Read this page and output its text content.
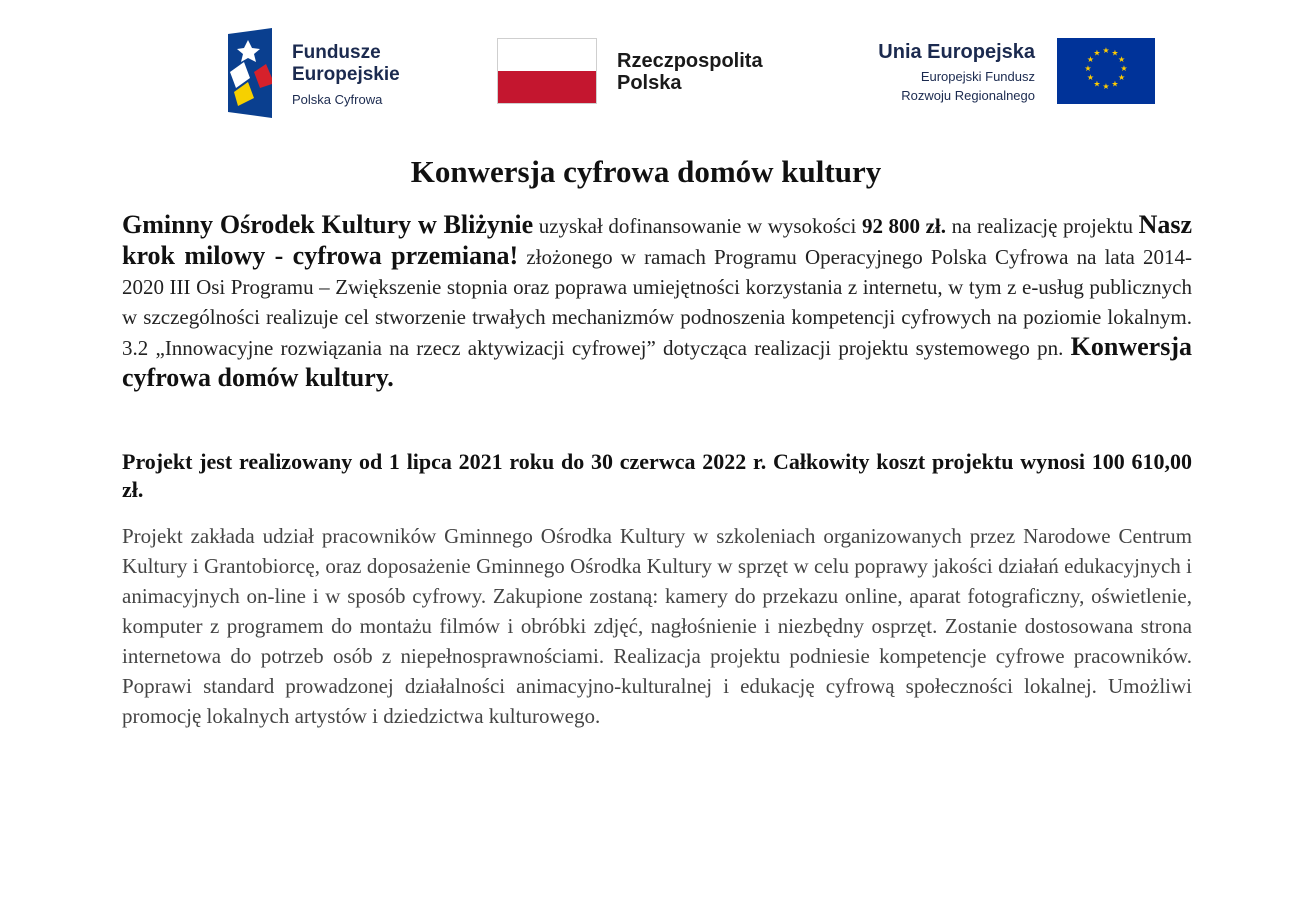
Fundusze
Europejskie
Polska Cyfrowa
Rzeczpospolita
Polska
Unia Europejska
Europejski Fundusz
Rozwoju Regionalnego
★ ★
★
★
★
★
★
★
★
★
★
★
Konwersja cyfrowa domów kultury
Gminny Ośrodek Kultury w Bliżynie uzyskał dofinansowanie w wysokości 92 800 zł. na realizację projektu Nasz krok milowy - cyfrowa przemiana! złożonego w ramach Programu Operacyjnego Polska Cyfrowa na lata 2014-2020 III Osi Programu – Zwiększenie stopnia oraz poprawa umiejętności korzystania z internetu, w tym z e-usług publicznych w szczególności realizuje cel stworzenie trwałych mechanizmów podnoszenia kompetencji cyfrowych na poziomie lokalnym. 3.2 „Innowacyjne rozwiązania na rzecz aktywizacji cyfrowej” dotycząca realizacji projektu systemowego pn. Konwersja cyfrowa domów kultury.
Projekt jest realizowany od 1 lipca 2021 roku do 30 czerwca 2022 r. Całkowity koszt projektu wynosi 100 610,00 zł.
Projekt zakłada udział pracowników Gminnego Ośrodka Kultury w szkoleniach organizowanych przez Narodowe Centrum Kultury i Grantobiorcę, oraz doposażenie Gminnego Ośrodka Kultury w sprzęt w celu poprawy jakości działań edukacyjnych i animacyjnych on-line i w sposób cyfrowy. Zakupione zostaną: kamery do przekazu online, aparat fotograficzny, oświetlenie, komputer z programem do montażu filmów i obróbki zdjęć, nagłośnienie i niezbędny osprzęt. Zostanie dostosowana strona internetowa do potrzeb osób z niepełnosprawnościami. Realizacja projektu podniesie kompetencje cyfrowe pracowników. Poprawi standard prowadzonej działalności animacyjno-kulturalnej i edukację cyfrową społeczności lokalnej. Umożliwi promocję lokalnych artystów i dziedzictwa kulturowego.
